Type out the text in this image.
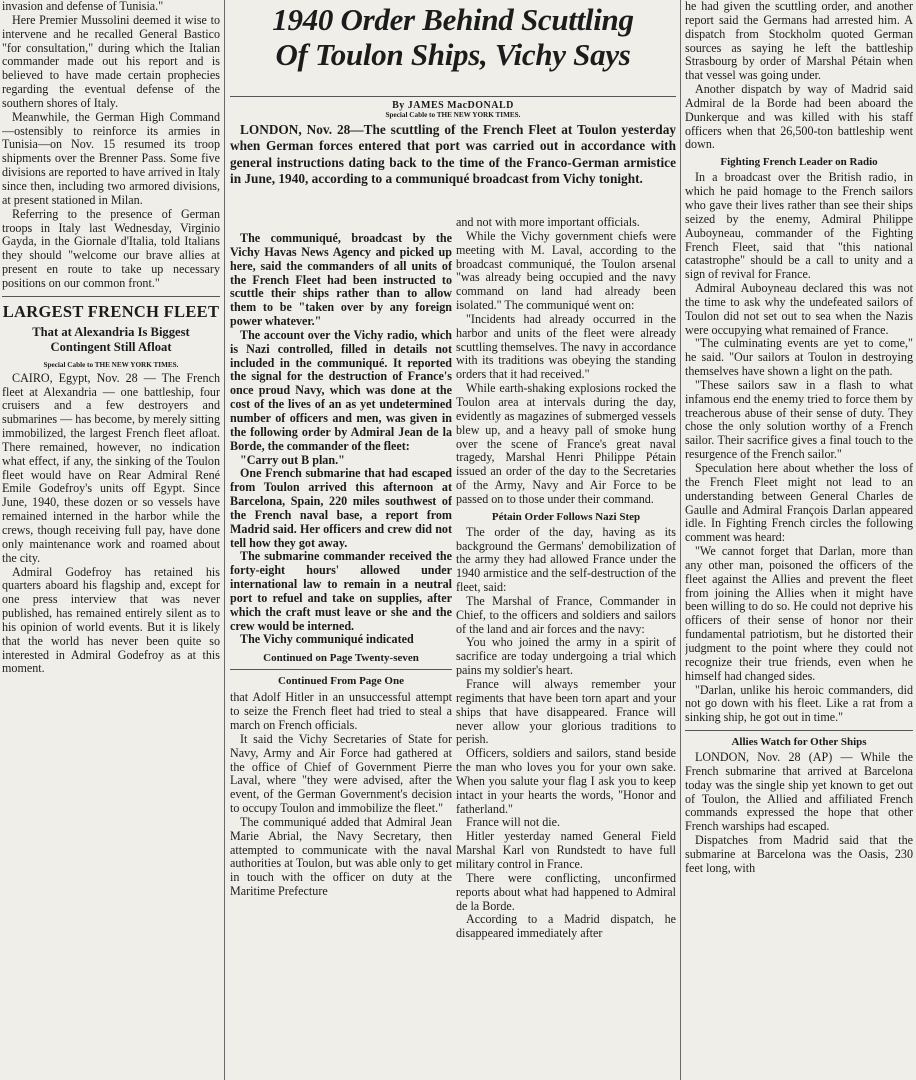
invasion and defense of Tunisia."

Here Premier Mussolini deemed it wise to intervene and he recalled General Bastico "for consultation," during which the Italian commander made out his report and is believed to have made certain prophecies regarding the eventual defense of the southern shores of Italy.

Meanwhile, the German High Command—ostensibly to reinforce its armies in Tunisia—on Nov. 15 resumed its troop shipments over the Brenner Pass. Some five divisions are reported to have arrived in Italy since then, including two armored divisions, at present stationed in Milan.

Referring to the presence of German troops in Italy last Wednesday, Virginio Gayda, in the Giornale d'Italia, told Italians they should "welcome our brave allies at present en route to take up necessary positions on our common front."

LARGEST FRENCH FLEET
That at Alexandria Is Biggest Contingent Still Afloat
Special Cable to THE NEW YORK TIMES.

CAIRO, Egypt, Nov. 28 — The French fleet at Alexandria — one battleship, four cruisers and a few destroyers and submarines — has become, by merely sitting immobilized, the largest French fleet afloat. There remained, however, no indication what effect, if any, the sinking of the Toulon fleet would have on Rear Admiral René Emile Godefroy's units off Egypt. Since June, 1940, these dozen or so vessels have remained interned in the harbor while the crews, though receiving full pay, have done only maintenance work and roamed about the city.

Admiral Godefroy has retained his quarters aboard his flagship and, except for one press interview that was never published, has remained entirely silent as to his opinion of world events. But it is likely that the world has never been quite so interested in Admiral Godefroy as at this moment.

1940 Order Behind Scuttling
Of Toulon Ships, Vichy Says
By JAMES MacDONALD
Special Cable to THE NEW YORK TIMES.

LONDON, Nov. 28—The scuttling of the French Fleet at Toulon yesterday when German forces entered that port was carried out in accordance with general instructions dating back to the time of the Franco-German armistice in June, 1940, according to a communiqué broadcast from Vichy tonight.

The communiqué, broadcast by the Vichy Havas News Agency and picked up here, said the commanders of all units of the French Fleet had been instructed to scuttle their ships rather than to allow them to be "taken over by any foreign power whatever."

The account over the Vichy radio, which is Nazi controlled, filled in details not included in the communiqué. It reported the signal for the destruction of France's once proud Navy, which was done at the cost of the lives of an as yet undetermined number of officers and men, was given in the following order by Admiral Jean de la Borde, the commander of the fleet:

"Carry out B plan."

One French submarine that had escaped from Toulon arrived this afternoon at Barcelona, Spain, 220 miles southwest of the French naval base, a report from Madrid said. Her officers and crew did not tell how they got away.

The submarine commander received the forty-eight hours' allowed under international law to remain in a neutral port to refuel and take on supplies, after which the craft must leave or she and the crew would be interned.

The Vichy communiqué indicated

Continued on Page Twenty-seven
Continued From Page One

that Adolf Hitler in an unsuccessful attempt to seize the French fleet had tried to steal a march on French officials.

It said the Vichy Secretaries of State for Navy, Army and Air Force had gathered at the office of Chief of Government Pierre Laval, where "they were advised, after the event, of the German Government's decision to occupy Toulon and immobilize the fleet."

The communiqué added that Admiral Jean Marie Abrial, the Navy Secretary, then attempted to communicate with the naval authorities at Toulon, but was able only to get in touch with the officer on duty at the Maritime Prefecture

and not with more important officials.

While the Vichy government chiefs were meeting with M. Laval, according to the broadcast communiqué, the Toulon arsenal "was already being occupied and the navy command on land had already been isolated." The communiqué went on:

"Incidents had already occurred in the harbor and units of the fleet were already scuttling themselves. The navy in accordance with its traditions was obeying the standing orders that it had received."

While earth-shaking explosions rocked the Toulon area at intervals during the day, evidently as magazines of submerged vessels blew up, and a heavy pall of smoke hung over the scene of France's great naval tragedy, Marshal Henri Philippe Pétain issued an order of the day to the Secretaries of the Army, Navy and Air Force to be passed on to those under their command.

Pétain Order Follows Nazi Step

The order of the day, having as its background the Germans' demobilization of the army they had allowed France under the 1940 armistice and the self-destruction of the fleet, said:

The Marshal of France, Commander in Chief, to the officers and soldiers and sailors of the land and air forces and the navy:

You who joined the army in a spirit of sacrifice are today undergoing a trial which pains my soldier's heart.

France will always remember your regiments that have been torn apart and your ships that have disappeared. France will never allow your glorious traditions to perish.

Officers, soldiers and sailors, stand beside the man who loves you for your own sake. When you salute your flag I ask you to keep intact in your hearts the words, "Honor and fatherland."

France will not die.

Hitler yesterday named General Field Marshal Karl von Rundstedt to have full military control in France.

There were conflicting, unconfirmed reports about what had happened to Admiral de la Borde.

According to a Madrid dispatch, he disappeared immediately after

he had given the scuttling order, and another report said the Germans had arrested him. A dispatch from Stockholm quoted German sources as saying he left the battleship Strasbourg by order of Marshal Pétain when that vessel was going under.

Another dispatch by way of Madrid said Admiral de la Borde had been aboard the Dunkerque and was killed with his staff officers when that 26,500-ton battleship went down.

Fighting French Leader on Radio

In a broadcast over the British radio, in which he paid homage to the French sailors who gave their lives rather than see their ships seized by the enemy, Admiral Philippe Auboyneau, commander of the Fighting French Fleet, said that "this national catastrophe" should be a call to unity and a sign of revival for France.

Admiral Auboyneau declared this was not the time to ask why the undefeated sailors of Toulon did not set out to sea when the Nazis were occupying what remained of France.

"The culminating events are yet to come," he said. "Our sailors at Toulon in destroying themselves have shown a light on the path.

"These sailors saw in a flash to what infamous end the enemy tried to force them by treacherous abuse of their sense of duty. They chose the only solution worthy of a French sailor. Their sacrifice gives a final touch to the resurgence of the French sailor."

Speculation here about whether the loss of the French Fleet might not lead to an understanding between General Charles de Gaulle and Admiral François Darlan appeared idle. In Fighting French circles the following comment was heard:

"We cannot forget that Darlan, more than any other man, poisoned the officers of the fleet against the Allies and prevent the fleet from joining the Allies when it might have been willing to do so. He could not deprive his officers of their sense of honor nor their fundamental patriotism, but he distorted their judgment to the point where they could not recognize their true friends, even when he himself had changed sides.

"Darlan, unlike his heroic commanders, did not go down with his fleet. Like a rat from a sinking ship, he got out in time."

Allies Watch for Other Ships

LONDON, Nov. 28 (AP) — While the French submarine that arrived at Barcelona today was the single ship yet known to get out of Toulon, the Allied and affiliated French commands expressed the hope that other French warships had escaped.

Dispatches from Madrid said that the submarine at Barcelona was the Oasis, 230 feet long, with
